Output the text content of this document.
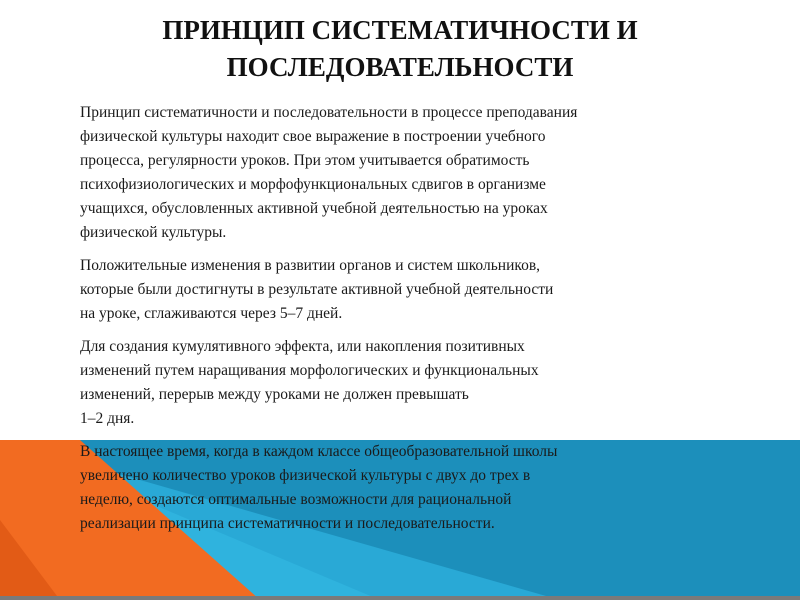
ПРИНЦИП СИСТЕМАТИЧНОСТИ И
ПОСЛЕДОВАТЕЛЬНОСТИ

Принцип систематичности и последовательности в процессе преподавания
физической культуры находит свое выражение в построении учебного
процесса, регулярности уроков. При этом учитывается обратимость
психофизиологических и морфофункциональных сдвигов в организме
учащихся, обусловленных активной учебной деятельностью на уроках
физической культуры.

Положительные изменения в развитии органов и систем школьников,
которые были достигнуты в результате активной учебной деятельности
на уроке, сглаживаются через 5–7 дней.

Для создания кумулятивного эффекта, или накопления позитивных
изменений путем наращивания морфологических и функциональных
изменений, перерыв между уроками не должен превышать
1–2 дня.

В настоящее время, когда в каждом классе общеобразовательной школы
увеличено количество уроков физической культуры с двух до трех в
неделю, создаются оптимальные возможности для рациональной
реализации принципа систематичности и последовательности.
